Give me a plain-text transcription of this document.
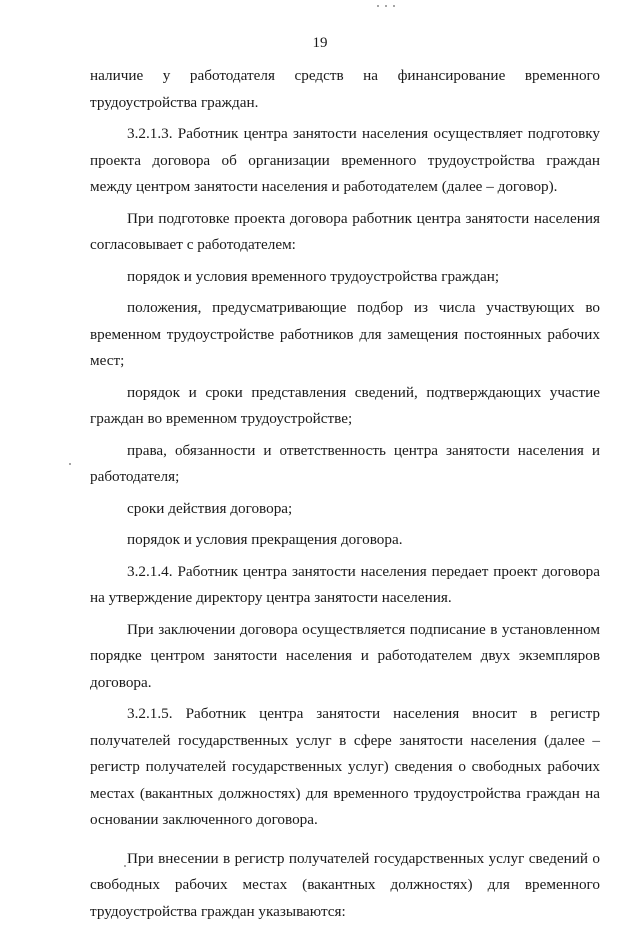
19

наличие у работодателя средств на финансирование временного трудоустройства граждан.

3.2.1.3. Работник центра занятости населения осуществляет подготовку проекта договора об организации временного трудоустройства граждан между центром занятости населения и работодателем (далее – договор).

При подготовке проекта договора работник центра занятости населения согласовывает с работодателем:

порядок и условия временного трудоустройства граждан;

положения, предусматривающие подбор из числа участвующих во временном трудоустройстве работников для замещения постоянных рабочих мест;

порядок и сроки представления сведений, подтверждающих участие граждан во временном трудоустройстве;

права, обязанности и ответственность центра занятости населения и работодателя;

сроки действия договора;

порядок и условия прекращения договора.

3.2.1.4. Работник центра занятости населения передает проект договора на утверждение директору центра занятости населения.

При заключении договора осуществляется подписание в установленном порядке центром занятости населения и работодателем двух экземпляров договора.

3.2.1.5. Работник центра занятости населения вносит в регистр получателей государственных услуг в сфере занятости населения (далее – регистр получателей государственных услуг) сведения о свободных рабочих местах (вакантных должностях) для временного трудоустройства граждан на основании заключенного договора.

При внесении в регистр получателей государственных услуг сведений о свободных рабочих местах (вакантных должностях) для временного трудоустройства граждан указываются:
